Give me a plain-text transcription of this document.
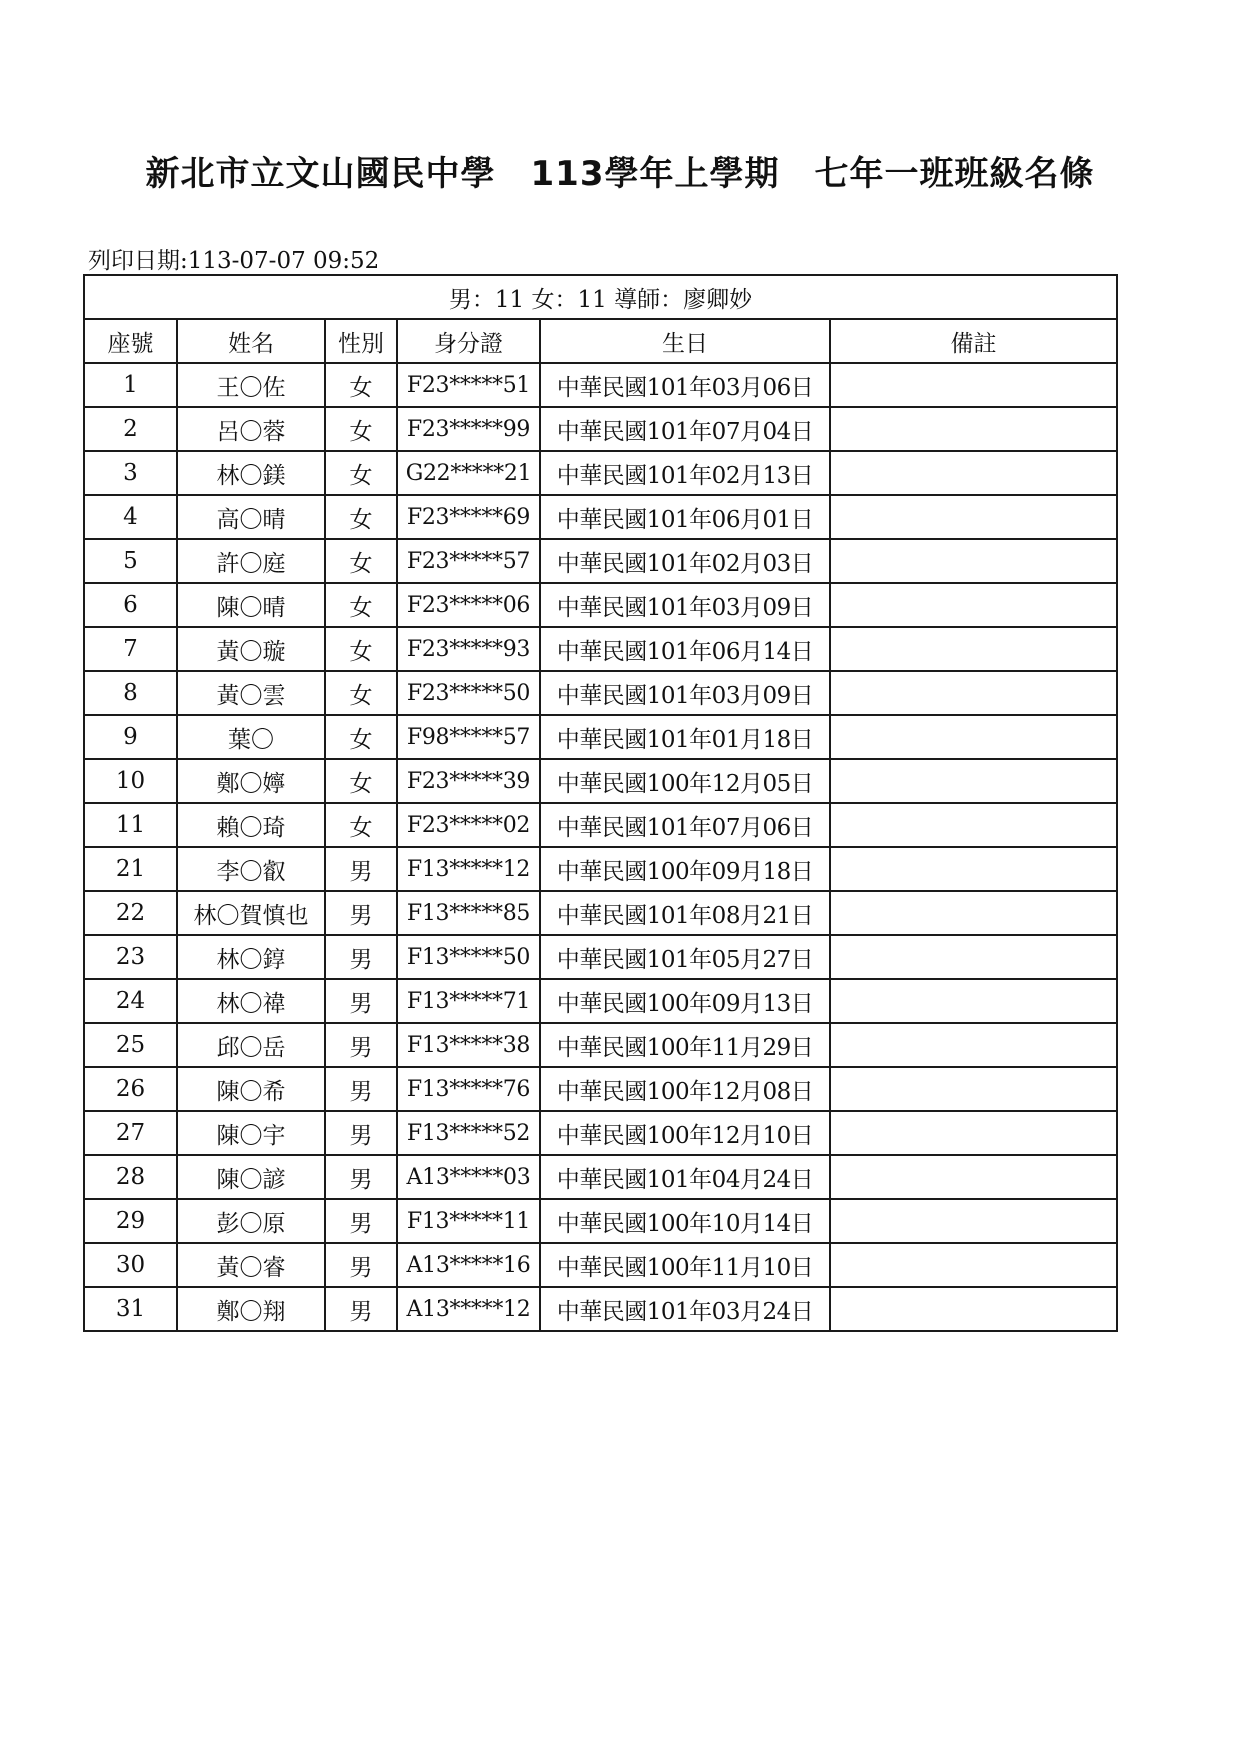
新北市立文山國民中學　113學年上學期　七年一班班級名條
列印日期:113-07-07 09:52
男：11 女：11 導師：廖卿妙					
座號	姓名	性別	身分證	生日	備註
1	王〇佐	女	F23*****51	中華民國101年03月06日	
2	呂〇蓉	女	F23*****99	中華民國101年07月04日	
3	林〇鎂	女	G22*****21	中華民國101年02月13日	
4	高〇晴	女	F23*****69	中華民國101年06月01日	
5	許〇庭	女	F23*****57	中華民國101年02月03日	
6	陳〇晴	女	F23*****06	中華民國101年03月09日	
7	黃〇璇	女	F23*****93	中華民國101年06月14日	
8	黃〇雲	女	F23*****50	中華民國101年03月09日	
9	葉〇	女	F98*****57	中華民國101年01月18日	
10	鄭〇嬣	女	F23*****39	中華民國100年12月05日	
11	賴〇琦	女	F23*****02	中華民國101年07月06日	
21	李〇叡	男	F13*****12	中華民國100年09月18日	
22	林〇賀慎也	男	F13*****85	中華民國101年08月21日	
23	林〇錞	男	F13*****50	中華民國101年05月27日	
24	林〇禕	男	F13*****71	中華民國100年09月13日	
25	邱〇岳	男	F13*****38	中華民國100年11月29日	
26	陳〇希	男	F13*****76	中華民國100年12月08日	
27	陳〇宇	男	F13*****52	中華民國100年12月10日	
28	陳〇諺	男	A13*****03	中華民國101年04月24日	
29	彭〇原	男	F13*****11	中華民國100年10月14日	
30	黃〇睿	男	A13*****16	中華民國100年11月10日	
31	鄭〇翔	男	A13*****12	中華民國101年03月24日	
